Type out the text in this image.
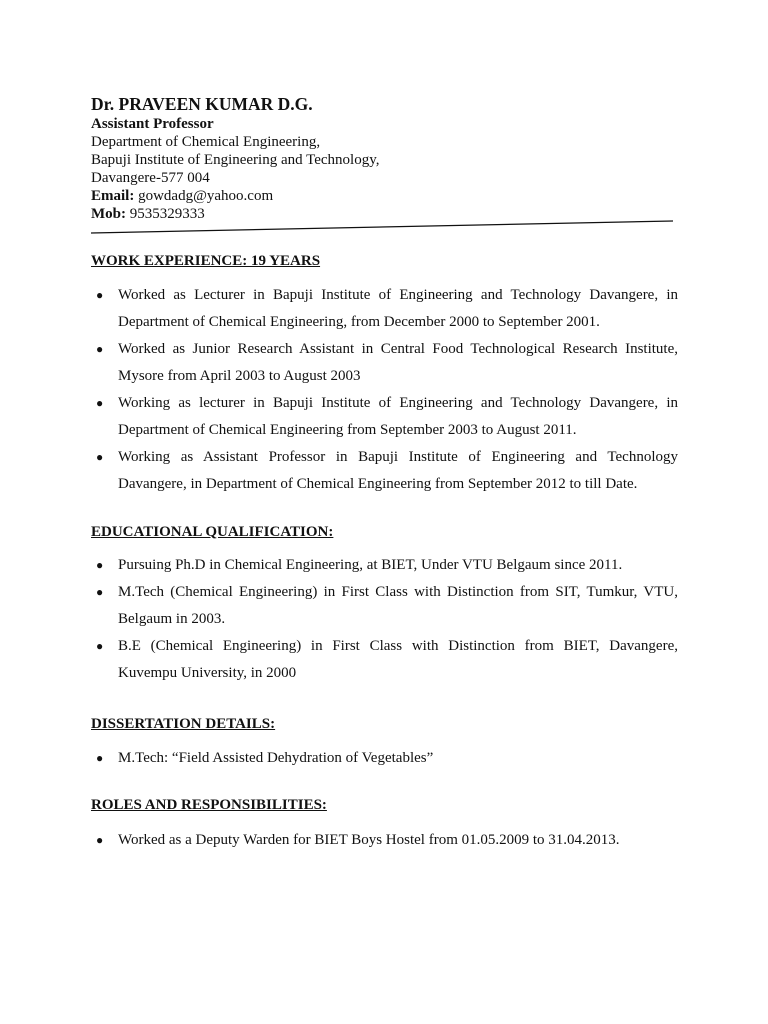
Dr. PRAVEEN KUMAR D.G.

Assistant Professor

Department of Chemical Engineering,

Bapuji Institute of Engineering and Technology,

Davangere-577 004

Email: gowdadg@yahoo.com

Mob: 9535329333

WORK EXPERIENCE: 19 YEARS

● Worked as Lecturer in Bapuji Institute of Engineering and Technology Davangere, in Department of Chemical Engineering, from December 2000 to September 2001.
● Worked as Junior Research Assistant in Central Food Technological Research Institute, Mysore from April 2003 to August 2003
● Working as lecturer in Bapuji Institute of Engineering and Technology Davangere, in Department of Chemical Engineering from September 2003 to August 2011.
● Working as Assistant Professor in Bapuji Institute of Engineering and Technology Davangere, in Department of Chemical Engineering from September 2012 to till Date.

EDUCATIONAL QUALIFICATION:

● Pursuing Ph.D in Chemical Engineering, at BIET, Under VTU Belgaum since 2011.
● M.Tech (Chemical Engineering) in First Class with Distinction from SIT, Tumkur, VTU, Belgaum in 2003.
● B.E (Chemical Engineering) in First Class with Distinction from BIET, Davangere, Kuvempu University, in 2000

DISSERTATION DETAILS:

● M.Tech: “Field Assisted Dehydration of Vegetables”

ROLES AND RESPONSIBILITIES:

● Worked as a Deputy Warden for BIET Boys Hostel from 01.05.2009 to 31.04.2013.
